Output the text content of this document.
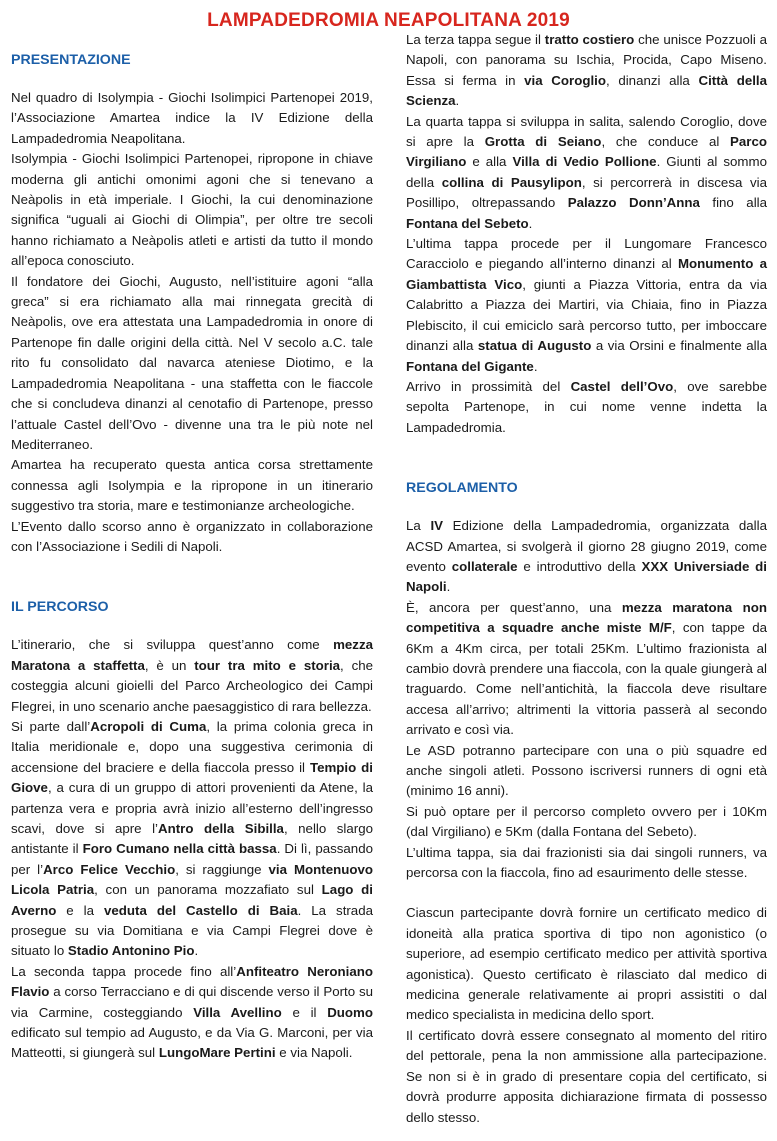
LAMPADEDROMIA NEAPOLITANA 2019
PRESENTAZIONE

Nel quadro di Isolympia - Giochi Isolimpici Partenopei 2019, l’Associazione Amartea indice la IV Edizione della Lampadedromia Neapolitana.

Isolympia - Giochi Isolimpici Partenopei, ripropone in chiave moderna gli antichi omonimi agoni che si tenevano a Neàpolis in età imperiale. I Giochi, la cui denominazione significa “uguali ai Giochi di Olimpia”, per oltre tre secoli hanno richiamato a Neàpolis atleti e artisti da tutto il mondo all’epoca conosciuto.

Il fondatore dei Giochi, Augusto, nell’istituire agoni “alla greca” si era richiamato alla mai rinnegata grecità di Neàpolis, ove era attestata una Lampadedromia in onore di Partenope fin dalle origini della città. Nel V secolo a.C. tale rito fu consolidato dal navarca ateniese Diotimo, e la Lampadedromia Neapolitana - una staffetta con le fiaccole che si concludeva dinanzi al cenotafio di Partenope, presso l’attuale Castel dell’Ovo - divenne una tra le più note nel Mediterraneo.

Amartea ha recuperato questa antica corsa strettamente connessa agli Isolympia e la ripropone in un itinerario suggestivo tra storia, mare e testimonianze archeologiche.

L’Evento dallo scorso anno è organizzato in collaborazione con l’Associazione i Sedili di Napoli.

IL PERCORSO

L’itinerario, che si sviluppa quest’anno come mezza Maratona a staffetta, è un tour tra mito e storia, che costeggia alcuni gioielli del Parco Archeologico dei Campi Flegrei, in uno scenario anche paesaggistico di rara bellezza.

Si parte dall’Acropoli di Cuma, la prima colonia greca in Italia meridionale e, dopo una suggestiva cerimonia di accensione del braciere e della fiaccola presso il Tempio di Giove, a cura di un gruppo di attori provenienti da Atene, la partenza vera e propria avrà inizio all’esterno dell’ingresso scavi, dove si apre l’Antro della Sibilla, nello slargo antistante il Foro Cumano nella città bassa. Di lì, passando per l’Arco Felice Vecchio, si raggiunge via Montenuovo Licola Patria, con un panorama mozzafiato sul Lago di Averno e la veduta del Castello di Baia. La strada prosegue su via Domitiana e via Campi Flegrei dove è situato lo Stadio Antonino Pio.

La seconda tappa procede fino all’Anfiteatro Neroniano Flavio a corso Terracciano e di qui discende verso il Porto su via Carmine, costeggiando Villa Avellino e il Duomo edificato sul tempio ad Augusto, e da Via G. Marconi, per via Matteotti, si giungerà sul LungoMare Pertini e via Napoli.

La terza tappa segue il tratto costiero che unisce Pozzuoli a Napoli, con panorama su Ischia, Procida, Capo Miseno. Essa si ferma in via Coroglio, dinanzi alla Città della Scienza.

La quarta tappa si sviluppa in salita, salendo Coroglio, dove si apre la Grotta di Seiano, che conduce al Parco Virgiliano e alla Villa di Vedio Pollione. Giunti al sommo della collina di Pausylipon, si percorrerà in discesa via Posillipo, oltrepassando Palazzo Donn’Anna fino alla Fontana del Sebeto.

L’ultima tappa procede per il Lungomare Francesco Caracciolo e piegando all’interno dinanzi al Monumento a Giambattista Vico, giunti a Piazza Vittoria, entra da via Calabritto a Piazza dei Martiri, via Chiaia, fino in Piazza Plebiscito, il cui emiciclo sarà percorso tutto, per imboccare dinanzi alla statua di Augusto a via Orsini e finalmente alla Fontana del Gigante.

Arrivo in prossimità del Castel dell’Ovo, ove sarebbe sepolta Partenope, in cui nome venne indetta la Lampadedromia.

REGOLAMENTO

La IV Edizione della Lampadedromia, organizzata dalla ACSD Amartea, si svolgerà il giorno 28 giugno 2019, come evento collaterale e introduttivo della XXX Universiade di Napoli.

È, ancora per quest’anno, una mezza maratona non competitiva a squadre anche miste M/F, con tappe da 6Km a 4Km circa, per totali 25Km. L’ultimo frazionista al cambio dovrà prendere una fiaccola, con la quale giungerà al traguardo. Come nell’antichità, la fiaccola deve risultare accesa all’arrivo; altrimenti la vittoria passerà al secondo arrivato e così via.

Le ASD potranno partecipare con una o più squadre ed anche singoli atleti. Possono iscriversi runners di ogni età (minimo 16 anni).

Si può optare per il percorso completo ovvero per i 10Km (dal Virgiliano) e 5Km (dalla Fontana del Sebeto).

L’ultima tappa, sia dai frazionisti sia dai singoli runners, va percorsa con la fiaccola, fino ad esaurimento delle stesse.

Ciascun partecipante dovrà fornire un certificato medico di idoneità alla pratica sportiva di tipo non agonistico (o superiore, ad esempio certificato medico per attività sportiva agonistica). Questo certificato è rilasciato dal medico di medicina generale relativamente ai propri assistiti o dal medico specialista in medicina dello sport.

Il certificato dovrà essere consegnato al momento del ritiro del pettorale, pena la non ammissione alla partecipazione. Se non si è in grado di presentare copia del certificato, si dovrà produrre apposita dichiarazione firmata di possesso dello stesso.
